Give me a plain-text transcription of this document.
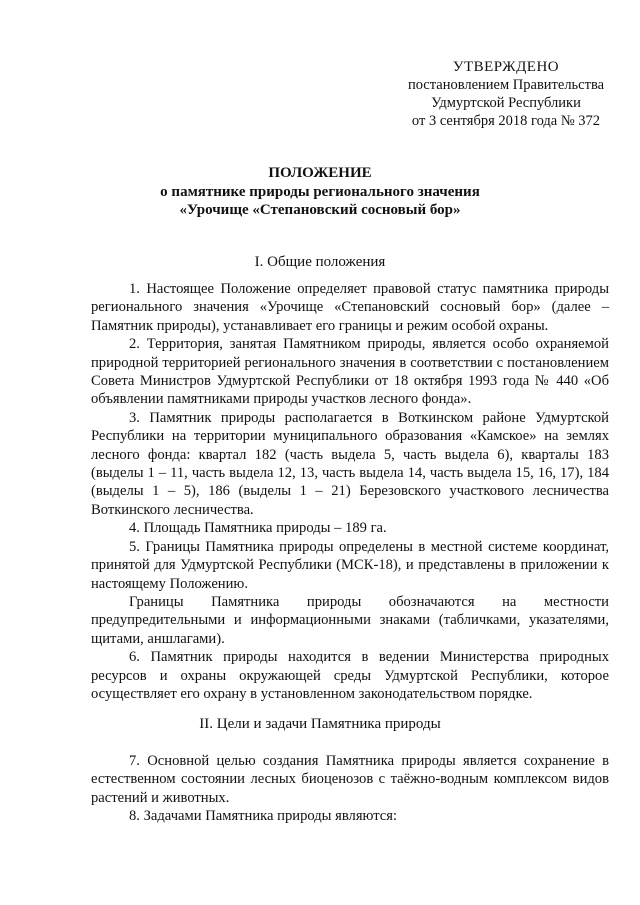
УТВЕРЖДЕНО
постановлением Правительства
Удмуртской Республики
от 3 сентября 2018 года № 372
ПОЛОЖЕНИЕ
о памятнике природы регионального значения
«Урочище «Степановский сосновый бор»
I. Общие положения

1. Настоящее Положение определяет правовой статус памятника природы регионального значения «Урочище «Степановский сосновый бор» (далее – Памятник природы), устанавливает его границы и режим особой охраны.

2. Территория, занятая Памятником природы, является особо охраняемой природной территорией регионального значения в соответствии с постановлением Совета Министров Удмуртской Республики от 18 октября 1993 года № 440 «Об объявлении памятниками природы участков лесного фонда».

3. Памятник природы располагается в Воткинском районе Удмуртской Республики на территории муниципального образования «Камское» на землях лесного фонда: квартал 182 (часть выдела 5, часть выдела 6), кварталы 183 (выделы 1 – 11, часть выдела 12, 13, часть выдела 14, часть выдела 15, 16, 17), 184 (выделы 1 – 5), 186 (выделы 1 – 21) Березовского участкового лесничества Воткинского лесничества.

4. Площадь Памятника природы – 189 га.

5. Границы Памятника природы определены в местной системе координат, принятой для Удмуртской Республики (МСК-18), и представлены в приложении к настоящему Положению.

Границы Памятника природы обозначаются на местности предупредительными и информационными знаками (табличками, указателями, щитами, аншлагами).

6. Памятник природы находится в ведении Министерства природных ресурсов и охраны окружающей среды Удмуртской Республики, которое осуществляет его охрану в установленном законодательством порядке.

II. Цели и задачи Памятника природы

7. Основной целью создания Памятника природы является сохранение в естественном состоянии лесных биоценозов с таёжно-водным комплексом видов растений и животных.

8. Задачами Памятника природы являются:
